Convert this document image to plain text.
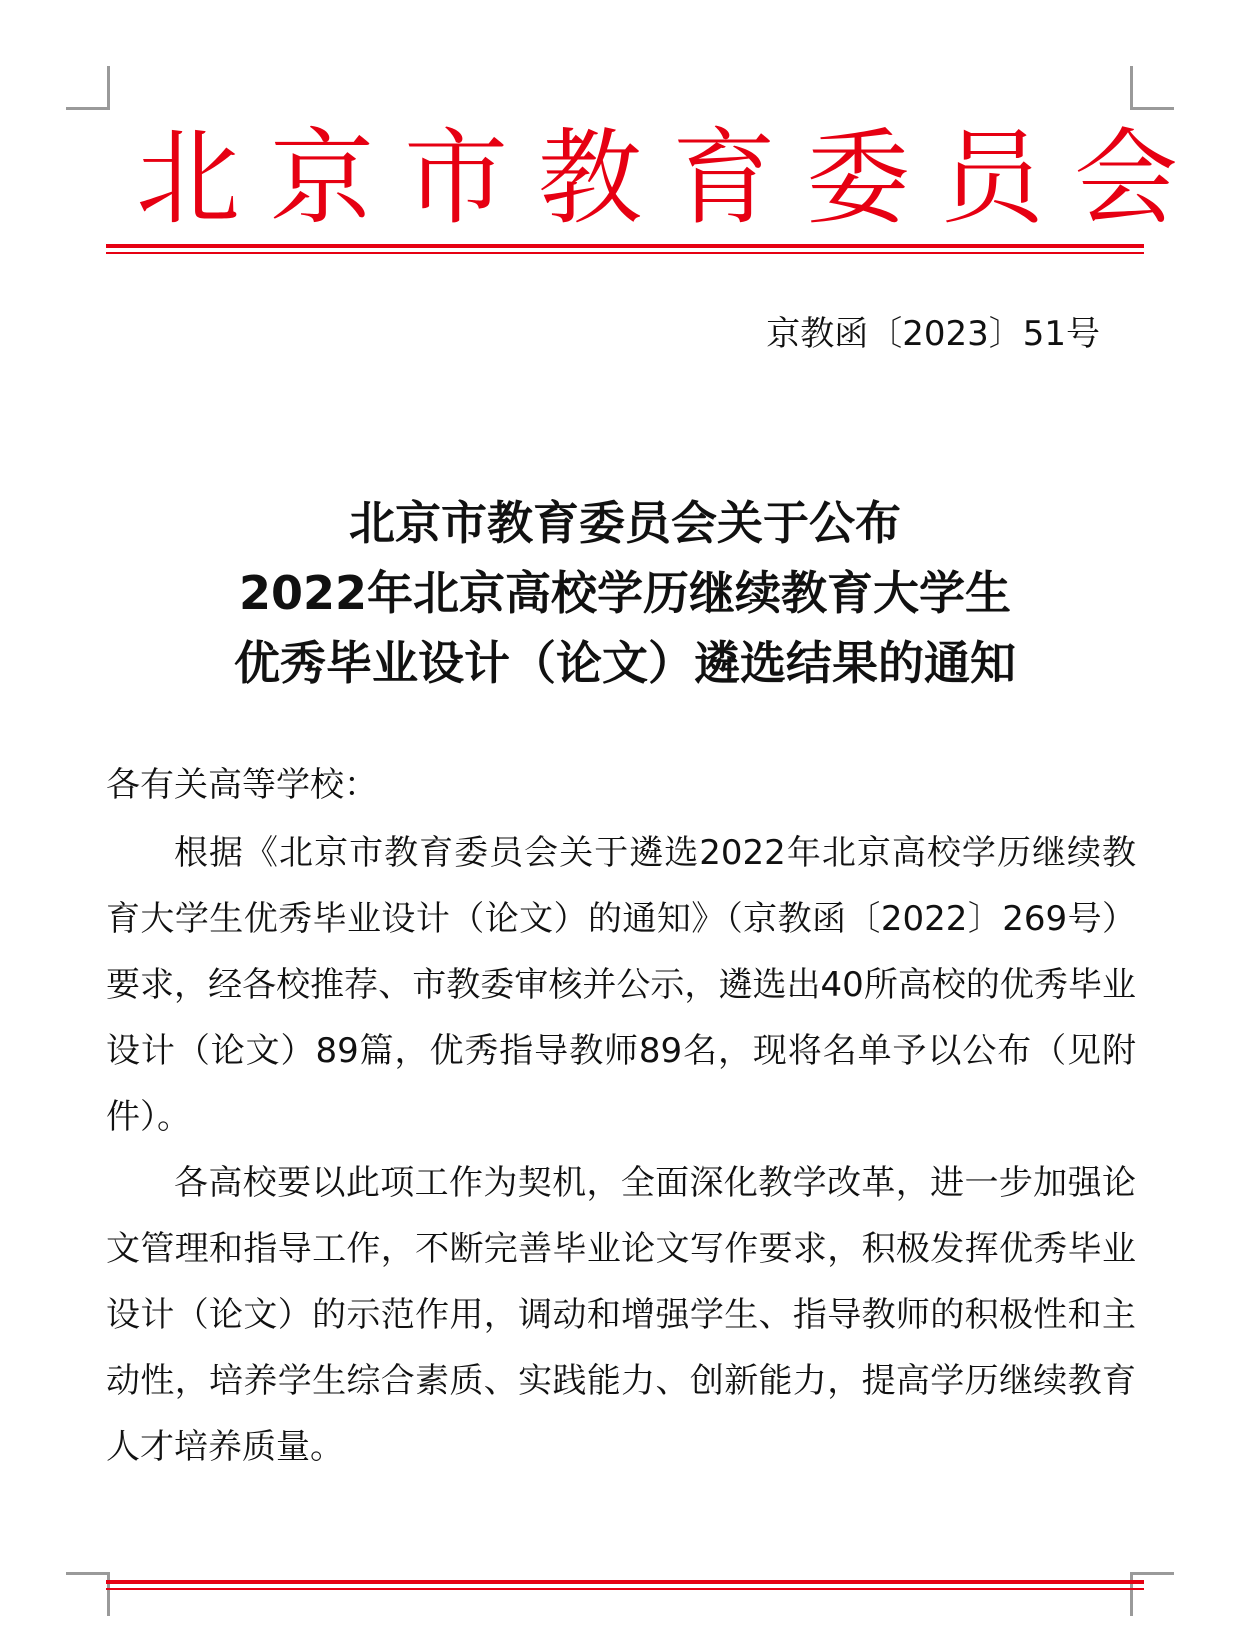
北京市教育委员会
京教函〔2023〕51号
北京市教育委员会关于公布
2022年北京高校学历继续教育大学生
优秀毕业设计（论文）遴选结果的通知
各有关高等学校：

根据《北京市教育委员会关于遴选2022年北京高校学历继续教育大学生优秀毕业设计（论文）的通知》（京教函〔2022〕269号）要求，经各校推荐、市教委审核并公示，遴选出40所高校的优秀毕业设计（论文）89篇，优秀指导教师89名，现将名单予以公布（见附件）。

各高校要以此项工作为契机，全面深化教学改革，进一步加强论文管理和指导工作，不断完善毕业论文写作要求，积极发挥优秀毕业设计（论文）的示范作用，调动和增强学生、指导教师的积极性和主动性，培养学生综合素质、实践能力、创新能力，提高学历继续教育人才培养质量。
